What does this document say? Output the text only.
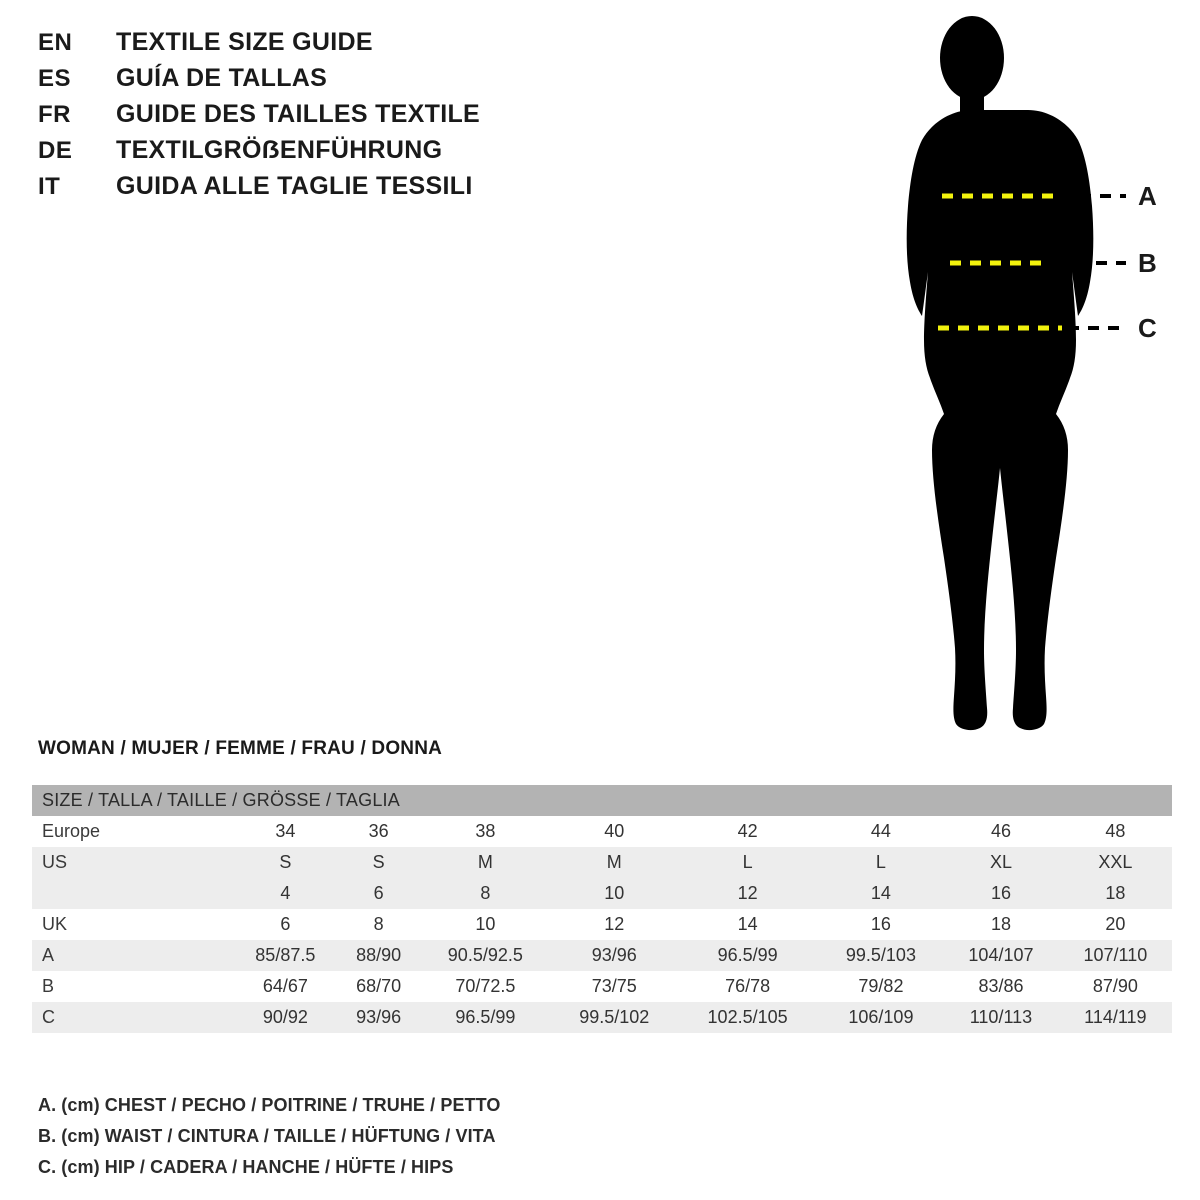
EN	TEXTILE SIZE GUIDE
ES	GUÍA DE TALLAS
FR	GUIDE DES TAILLES TEXTILE
DE	TEXTILGRÖẞENFÜHRUNG
IT	GUIDA ALLE TAGLIE TESSILI	A
B
C
WOMAN / MUJER / FEMME / FRAU / DONNA
SIZE / TALLA / TAILLE / GRÖSSE / TAGLIA								
Europe	34	36	38	40	42	44	46	48
US	S	S	M	M	L	L	XL	XXL
	4	6	8	10	12	14	16	18
UK	6	8	10	12	14	16	18	20
A	85/87.5	88/90	90.5/92.5	93/96	96.5/99	99.5/103	104/107	107/110
B	64/67	68/70	70/72.5	73/75	76/78	79/82	83/86	87/90
C	90/92	93/96	96.5/99	99.5/102	102.5/105	106/109	110/113	114/119
A. (cm) CHEST / PECHO / POITRINE / TRUHE / PETTO
B. (cm) WAIST / CINTURA / TAILLE / HÜFTUNG / VITA
C. (cm) HIP / CADERA / HANCHE / HÜFTE / HIPS
